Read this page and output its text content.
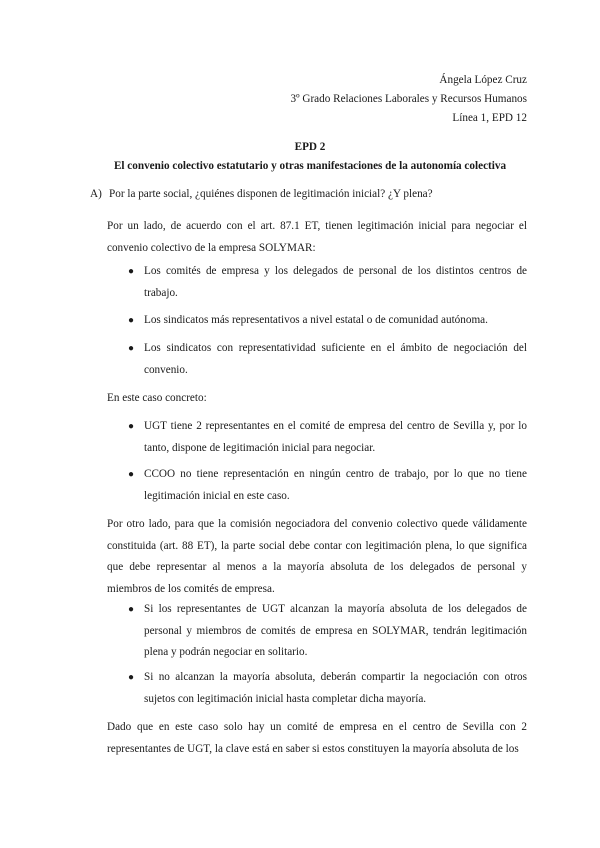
Ángela López Cruz
3º Grado Relaciones Laborales y Recursos Humanos
Línea 1, EPD 12
EPD 2
El convenio colectivo estatutario y otras manifestaciones de la autonomía colectiva
A) Por la parte social, ¿quiénes disponen de legitimación inicial? ¿Y plena?

Por un lado, de acuerdo con el art. 87.1 ET, tienen legitimación inicial para negociar el convenio colectivo de la empresa SOLYMAR:

● Los comités de empresa y los delegados de personal de los distintos centros de trabajo.
● Los sindicatos más representativos a nivel estatal o de comunidad autónoma.
● Los sindicatos con representatividad suficiente en el ámbito de negociación del convenio.

En este caso concreto:

● UGT tiene 2 representantes en el comité de empresa del centro de Sevilla y, por lo tanto, dispone de legitimación inicial para negociar.
● CCOO no tiene representación en ningún centro de trabajo, por lo que no tiene legitimación inicial en este caso.

Por otro lado, para que la comisión negociadora del convenio colectivo quede válidamente constituida (art. 88 ET), la parte social debe contar con legitimación plena, lo que significa que debe representar al menos a la mayoría absoluta de los delegados de personal y miembros de los comités de empresa.

● Si los representantes de UGT alcanzan la mayoría absoluta de los delegados de personal y miembros de comités de empresa en SOLYMAR, tendrán legitimación plena y podrán negociar en solitario.
● Si no alcanzan la mayoría absoluta, deberán compartir la negociación con otros sujetos con legitimación inicial hasta completar dicha mayoría.

Dado que en este caso solo hay un comité de empresa en el centro de Sevilla con 2 representantes de UGT, la clave está en saber si estos constituyen la mayoría absoluta de los
